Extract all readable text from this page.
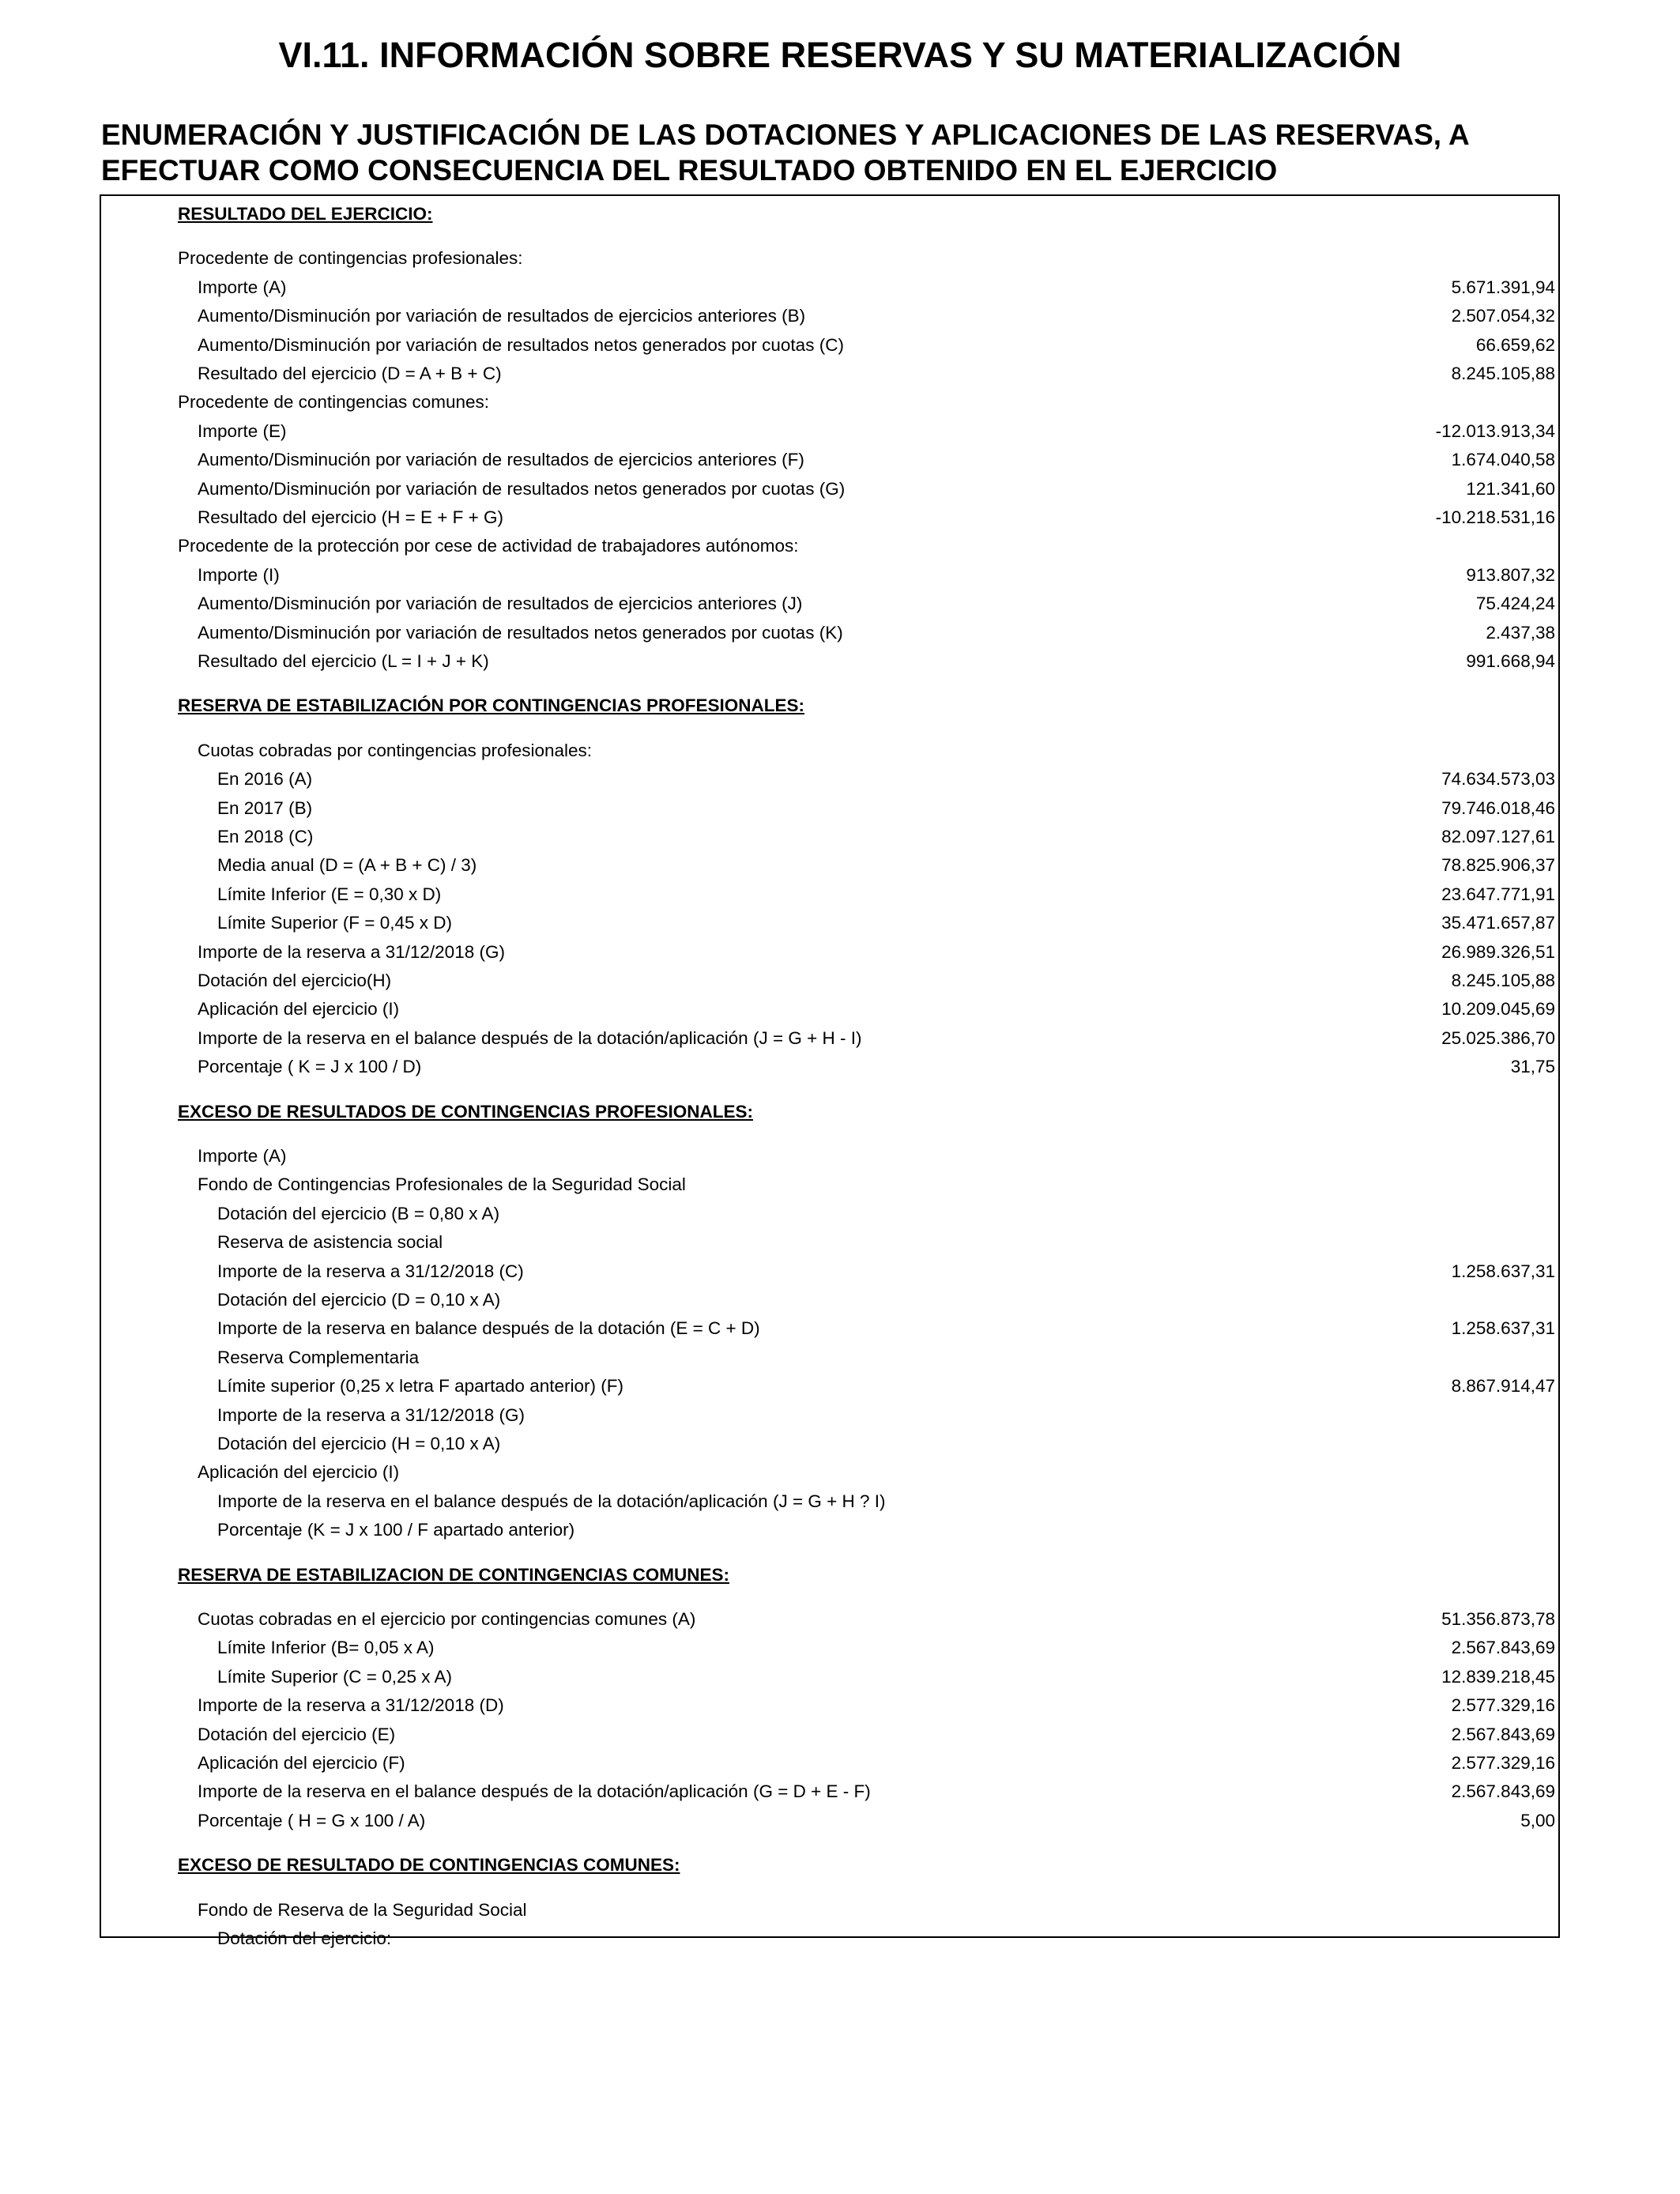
VI.11. INFORMACIÓN SOBRE RESERVAS Y SU MATERIALIZACIÓN
ENUMERACIÓN Y JUSTIFICACIÓN DE LAS DOTACIONES Y APLICACIONES DE LAS RESERVAS, A
EFECTUAR COMO CONSECUENCIA DEL RESULTADO OBTENIDO EN EL EJERCICIO
RESULTADO DEL EJERCICIO:
Procedente de contingencias profesionales:
Importe (A)	5.671.391,94
Aumento/Disminución por variación de resultados de ejercicios anteriores (B)	2.507.054,32
Aumento/Disminución por variación de resultados netos generados por cuotas (C)	66.659,62
Resultado del ejercicio (D = A + B + C)	8.245.105,88
Procedente de contingencias comunes:
Importe (E)	-12.013.913,34
Aumento/Disminución por variación de resultados de ejercicios anteriores (F)	1.674.040,58
Aumento/Disminución por variación de resultados netos generados por cuotas (G)	121.341,60
Resultado del ejercicio (H = E + F + G)	-10.218.531,16
Procedente de la protección por cese de actividad de trabajadores autónomos:
Importe (I)	913.807,32
Aumento/Disminución por variación de resultados de ejercicios anteriores (J)	75.424,24
Aumento/Disminución por variación de resultados netos generados por cuotas (K)	2.437,38
Resultado del ejercicio (L = I + J + K)	991.668,94
RESERVA DE ESTABILIZACIÓN POR CONTINGENCIAS PROFESIONALES:
Cuotas cobradas por contingencias profesionales:
En 2016 (A)	74.634.573,03
En 2017 (B)	79.746.018,46
En 2018 (C)	82.097.127,61
Media anual (D = (A + B + C) / 3)	78.825.906,37
Límite Inferior (E = 0,30 x D)	23.647.771,91
Límite Superior (F = 0,45 x D)	35.471.657,87
Importe de la reserva a 31/12/2018 (G)	26.989.326,51
Dotación del ejercicio(H)	8.245.105,88
Aplicación del ejercicio (I)	10.209.045,69
Importe de la reserva en el balance después de la dotación/aplicación (J = G + H - I)	25.025.386,70
Porcentaje ( K = J x 100 / D)	31,75
EXCESO DE RESULTADOS DE CONTINGENCIAS PROFESIONALES:
Importe (A)
Fondo de Contingencias Profesionales de la Seguridad Social
Dotación del ejercicio (B = 0,80 x A)
Reserva de asistencia social
Importe de la reserva a 31/12/2018 (C)	1.258.637,31
Dotación del ejercicio (D = 0,10 x A)
Importe de la reserva en balance después de la dotación (E = C + D)	1.258.637,31
Reserva Complementaria
Límite superior (0,25 x letra F apartado anterior) (F)	8.867.914,47
Importe de la reserva a 31/12/2018 (G)
Dotación del ejercicio (H = 0,10 x A)
Aplicación del ejercicio (I)
Importe de la reserva en el balance después de la dotación/aplicación (J = G + H ? I)
Porcentaje (K = J x 100 / F apartado anterior)
RESERVA DE ESTABILIZACION DE CONTINGENCIAS COMUNES:
Cuotas cobradas en el ejercicio por contingencias comunes (A)	51.356.873,78
Límite Inferior (B= 0,05 x A)	2.567.843,69
Límite Superior (C = 0,25 x A)	12.839.218,45
Importe de la reserva a 31/12/2018 (D)	2.577.329,16
Dotación del ejercicio (E)	2.567.843,69
Aplicación del ejercicio (F)	2.577.329,16
Importe de la reserva en el balance después de la dotación/aplicación (G = D + E - F)	2.567.843,69
Porcentaje ( H = G x 100 / A)	5,00
EXCESO DE RESULTADO DE CONTINGENCIAS COMUNES:
Fondo de Reserva de la Seguridad Social
Dotación del ejercicio:
